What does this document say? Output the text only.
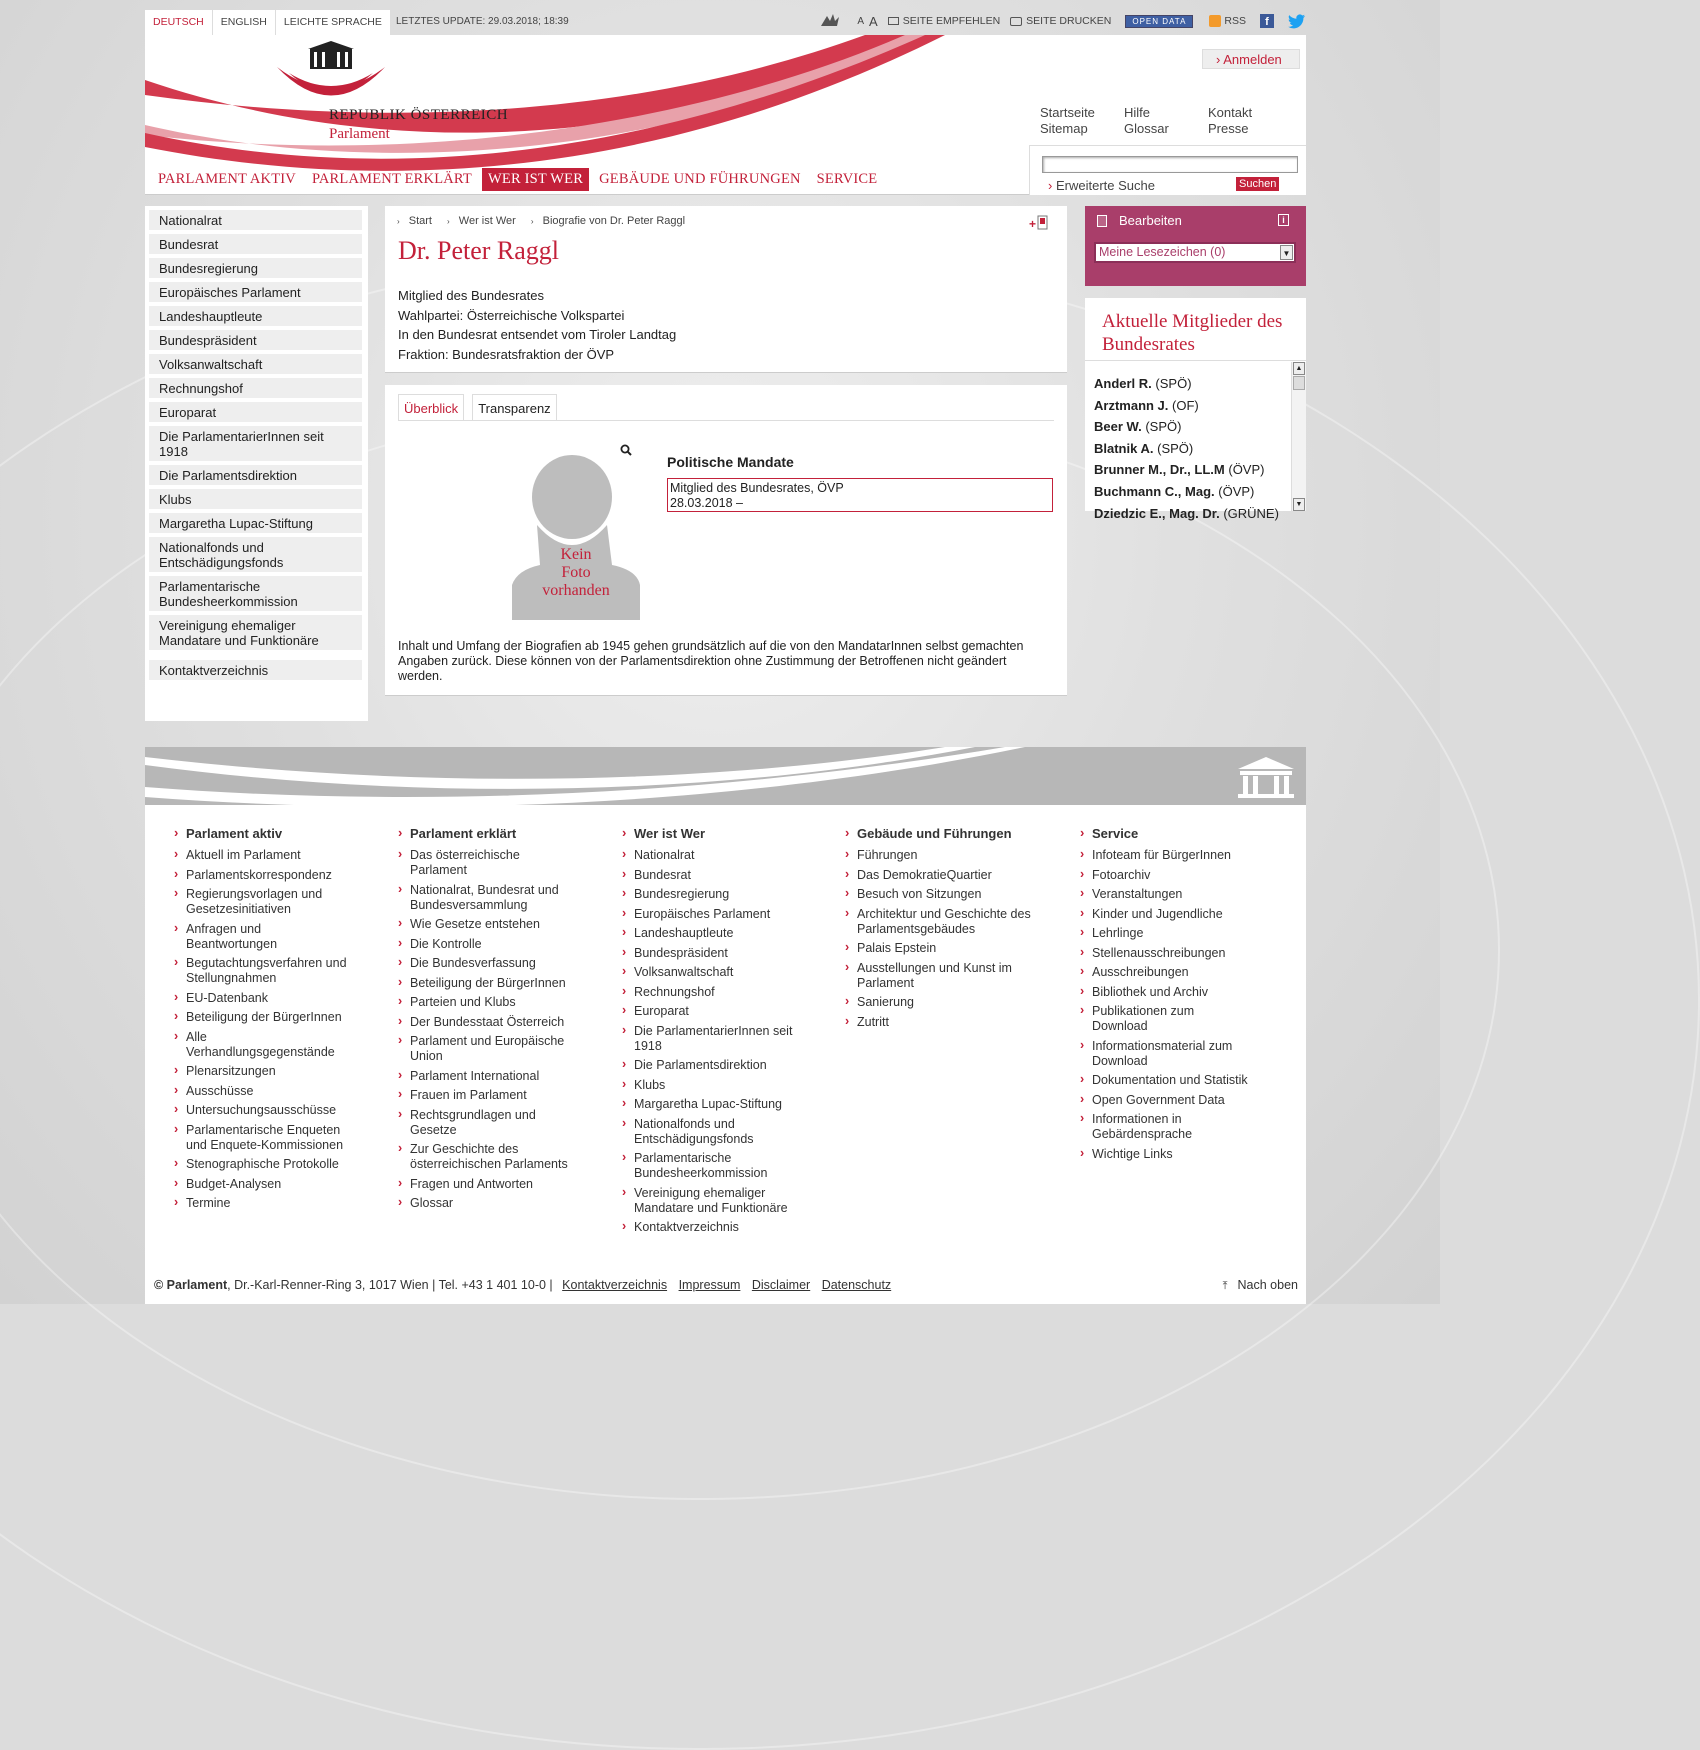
DEUTSCH	ENGLISH	LEICHTE SPRACHE	LETZTES UPDATE: 29.03.2018; 18:39	A A SEITE EMPFEHLEN SEITE DRUCKEN	OPEN DATA	RSS	f
REPUBLIK ÖSTERREICH
Parlament
› Anmelden
Startseite	Hilfe	Kontakt
Sitemap	Glossar	Presse
PARLAMENT AKTIV	PARLAMENT ERKLÄRT	WER IST WER	GEBÄUDE UND FÜHRUNGEN	SERVICE	› Erweiterte Suche	Suchen
Nationalrat
Bundesrat
Bundesregierung
Europäisches Parlament
Landeshauptleute
Bundespräsident
Volksanwaltschaft
Rechnungshof
Europarat
Die ParlamentarierInnen seit 1918
Die Parlamentsdirektion
Klubs
Margaretha Lupac-Stiftung
Nationalfonds und Entschädigungsfonds
Parlamentarische Bundesheerkommission
Vereinigung ehemaliger Mandatare und Funktionäre
Kontaktverzeichnis
› Start › Wer ist Wer › Biografie von Dr. Peter Raggl	+
Dr. Peter Raggl
Mitglied des Bundesrates
Wahlpartei: Österreichische Volkspartei
In den Bundesrat entsendet vom Tiroler Landtag
Fraktion: Bundesratsfraktion der ÖVP
Überblick	Transparenz
Kein
Foto
vorhanden
Politische Mandate
Mitglied des Bundesrates, ÖVP
28.03.2018 –
Inhalt und Umfang der Biografien ab 1945 gehen grundsätzlich auf die von den MandatarInnen selbst gemachten Angaben zurück. Diese können von der Parlamentsdirektion ohne Zustimmung der Betroffenen nicht geändert werden.
Bearbeiten	i
Meine Lesezeichen (0)	▼
Aktuelle Mitglieder des Bundesrates
Anderl R. (SPÖ)
Arztmann J. (OF)
Beer W. (SPÖ)
Blatnik A. (SPÖ)
Brunner M., Dr., LL.M (ÖVP)
Buchmann C., Mag. (ÖVP)
Dziedzic E., Mag. Dr. (GRÜNE)
▲
▼
› Parlament aktiv
› Aktuell im Parlament
› Parlamentskorrespondenz
› Regierungsvorlagen und Gesetzesinitiativen
› Anfragen und Beantwortungen
› Begutachtungsverfahren und Stellungnahmen
› EU-Datenbank
› Beteiligung der BürgerInnen
› Alle Verhandlungsgegenstände
› Plenarsitzungen
› Ausschüsse
› Untersuchungsausschüsse
› Parlamentarische Enqueten und Enquete-Kommissionen
› Stenographische Protokolle
› Budget-Analysen
› Termine
› Parlament erklärt
› Das österreichische Parlament
› Nationalrat, Bundesrat und Bundesversammlung
› Wie Gesetze entstehen
› Die Kontrolle
› Die Bundesverfassung
› Beteiligung der BürgerInnen
› Parteien und Klubs
› Der Bundesstaat Österreich
› Parlament und Europäische Union
› Parlament International
› Frauen im Parlament
› Rechtsgrundlagen und Gesetze
› Zur Geschichte des österreichischen Parlaments
› Fragen und Antworten
› Glossar
› Wer ist Wer
› Nationalrat
› Bundesrat
› Bundesregierung
› Europäisches Parlament
› Landeshauptleute
› Bundespräsident
› Volksanwaltschaft
› Rechnungshof
› Europarat
› Die ParlamentarierInnen seit 1918
› Die Parlamentsdirektion
› Klubs
› Margaretha Lupac-Stiftung
› Nationalfonds und Entschädigungsfonds
› Parlamentarische Bundesheerkommission
› Vereinigung ehemaliger Mandatare und Funktionäre
› Kontaktverzeichnis
› Gebäude und Führungen
› Führungen
› Das DemokratieQuartier
› Besuch von Sitzungen
› Architektur und Geschichte des Parlamentsgebäudes
› Palais Epstein
› Ausstellungen und Kunst im Parlament
› Sanierung
› Zutritt
› Service
› Infoteam für BürgerInnen
› Fotoarchiv
› Veranstaltungen
› Kinder und Jugendliche
› Lehrlinge
› Stellenausschreibungen
› Ausschreibungen
› Bibliothek und Archiv
› Publikationen zum Download
› Informationsmaterial zum Download
› Dokumentation und Statistik
› Open Government Data
› Informationen in Gebärdensprache
› Wichtige Links
© Parlament, Dr.-Karl-Renner-Ring 3, 1017 Wien | Tel. +43 1 401 10-0 | Kontaktverzeichnis Impressum Disclaimer Datenschutz	⤒ Nach oben
